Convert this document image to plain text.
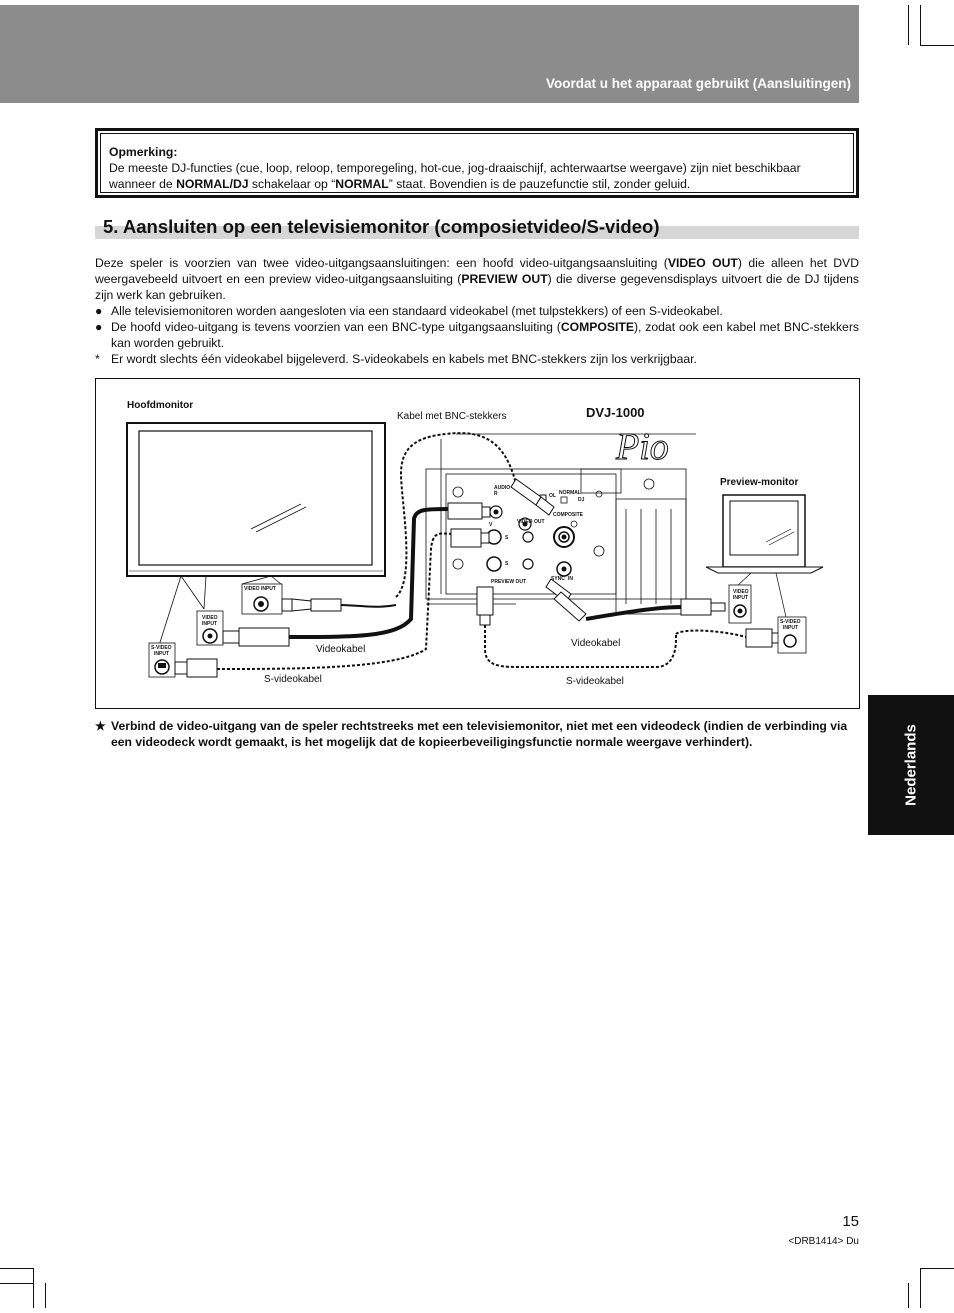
Voordat u het apparaat gebruikt (Aansluitingen)
Opmerking:
De meeste DJ-functies (cue, loop, reloop, temporegeling, hot-cue, jog-draaischijf, achterwaartse weergave) zijn niet beschikbaar wanneer de NORMAL/DJ schakelaar op “NORMAL” staat. Bovendien is de pauzefunctie stil, zonder geluid.
5. Aansluiten op een televisiemonitor (composietvideo/S-video)

Deze speler is voorzien van twee video-uitgangsaansluitingen: een hoofd video-uitgangsaansluiting (VIDEO OUT) die alleen het DVD weergavebeeld uitvoert en een preview video-uitgangsaansluiting (PREVIEW OUT) die diverse gegevensdisplays uitvoert die de DJ tijdens zijn werk kan gebruiken.

● Alle televisiemonitoren worden aangesloten via een standaard videokabel (met tulpstekkers) of een S-videokabel.
● De hoofd video-uitgang is tevens voorzien van een BNC-type uitgangsaansluiting (COMPOSITE), zodat ook een kabel met BNC-stekkers kan worden gebruikt.
* Er wordt slechts één videokabel bijgeleverd. S-videokabels en kabels met BNC-stekkers zijn los verkrijgbaar.
Pio
Hoofdmonitor
Kabel met BNC-stekkers	DVJ-1000
Preview-monitor
Videokabel
S-videokabel
Videokabel
S-videokabel
VIDEO INPUT
VIDEO
INPUT
S-VIDEO
INPUT
VIDEO
INPUT
S-VIDEO
INPUT
AUDIO
R	OL NORMAL
DJ
COMPOSITE
VIDEO OUT
V
S
S
PREVIEW OUT	SYNC IN
★ Verbind de video-uitgang van de speler rechtstreeks met een televisiemonitor, niet met een videodeck (indien de verbinding via een videodeck wordt gemaakt, is het mogelijk dat de kopieerbeveiligingsfunctie normale weergave verhindert).	Nederlands
15
<DRB1414> Du
